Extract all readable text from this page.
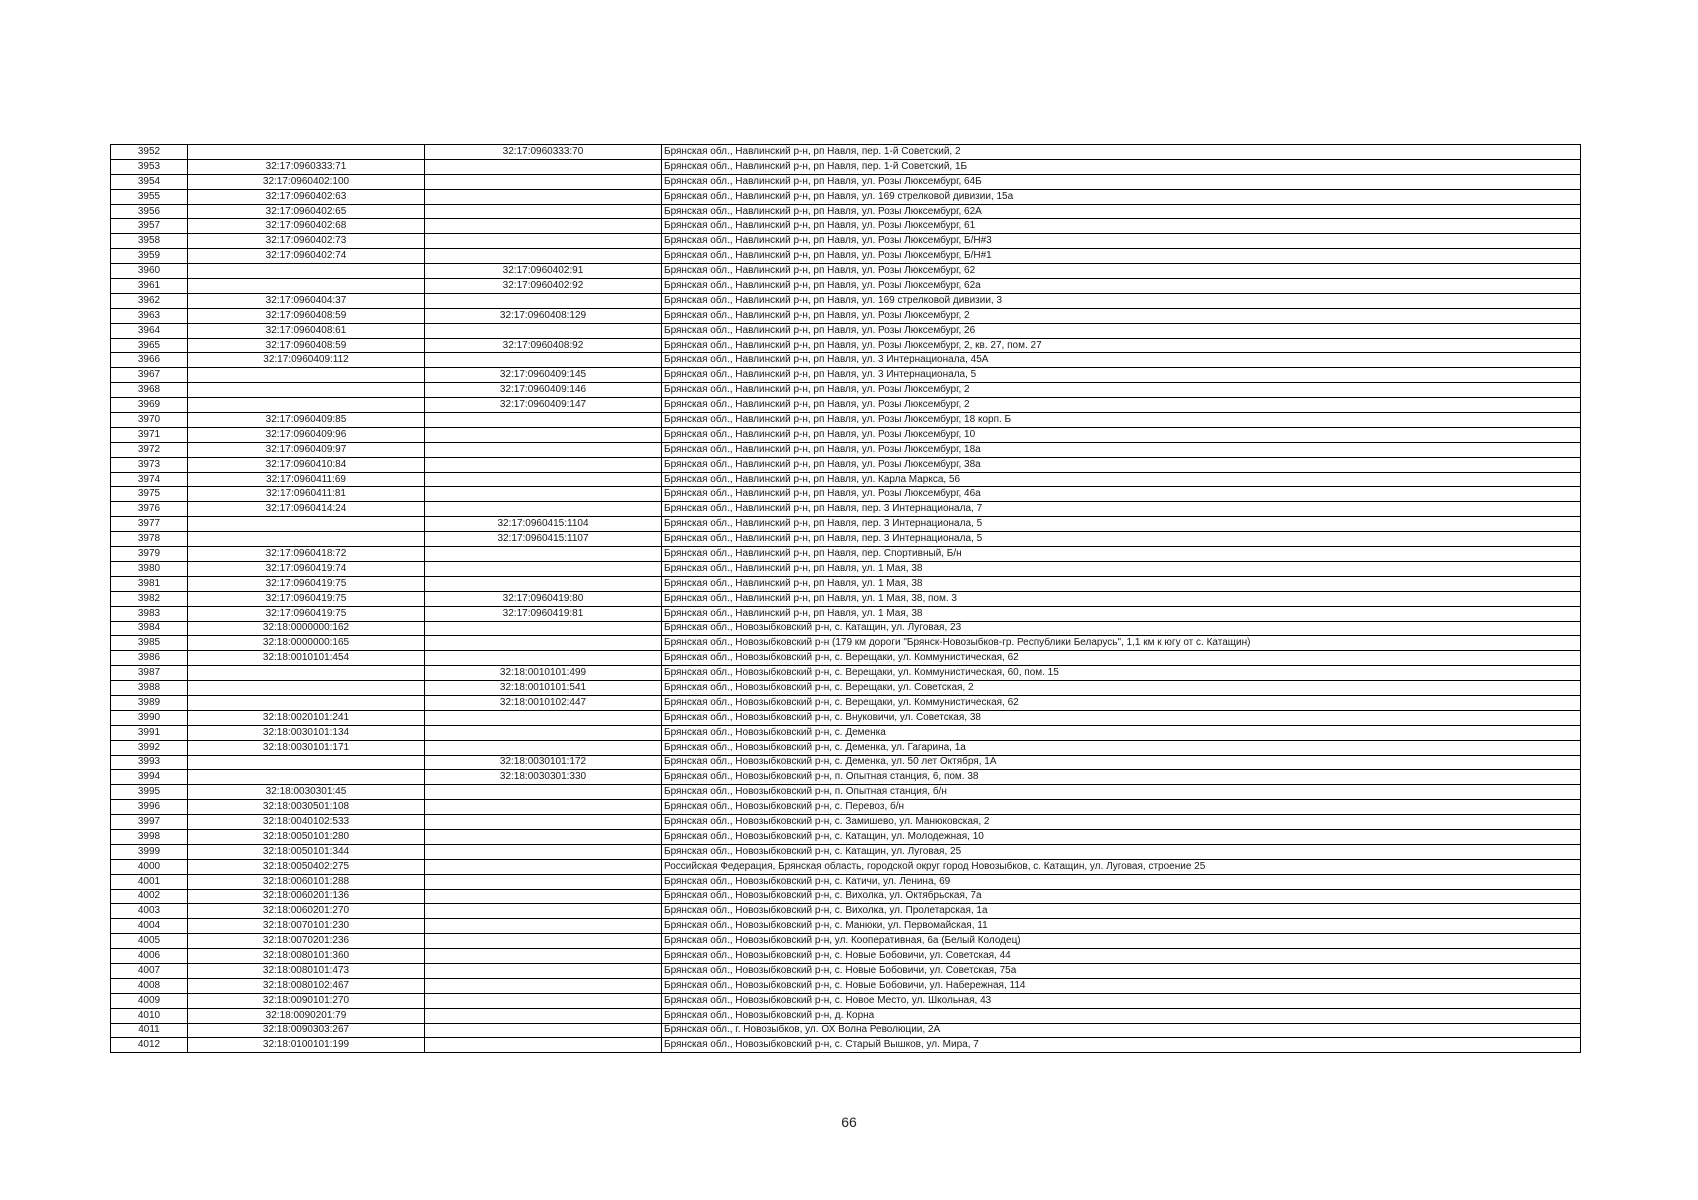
3952		32:17:0960333:70	Брянская обл., Навлинский р-н, рп Навля, пер. 1-й Советский, 2
3953	32:17:0960333:71		Брянская обл., Навлинский р-н, рп Навля, пер. 1-й Советский, 1Б
3954	32:17:0960402:100		Брянская обл., Навлинский р-н, рп Навля, ул. Розы Люксембург, 64Б
3955	32:17:0960402:63		Брянская обл., Навлинский р-н, рп Навля, ул. 169 стрелковой дивизии, 15а
3956	32:17:0960402:65		Брянская обл., Навлинский р-н, рп Навля, ул. Розы Люксембург, 62А
3957	32:17:0960402:68		Брянская обл., Навлинский р-н, рп Навля, ул. Розы Люксембург, 61
3958	32:17:0960402:73		Брянская обл., Навлинский р-н, рп Навля, ул. Розы Люксембург, Б/Н#3
3959	32:17:0960402:74		Брянская обл., Навлинский р-н, рп Навля, ул. Розы Люксембург, Б/Н#1
3960		32:17:0960402:91	Брянская обл., Навлинский р-н, рп Навля, ул. Розы Люксембург, 62
3961		32:17:0960402:92	Брянская обл., Навлинский р-н, рп Навля, ул. Розы Люксембург, 62а
3962	32:17:0960404:37		Брянская обл., Навлинский р-н, рп Навля, ул. 169 стрелковой дивизии, 3
3963	32:17:0960408:59	32:17:0960408:129	Брянская обл., Навлинский р-н, рп Навля, ул. Розы Люксембург, 2
3964	32:17:0960408:61		Брянская обл., Навлинский р-н, рп Навля, ул. Розы Люксембург, 26
3965	32:17:0960408:59	32:17:0960408:92	Брянская обл., Навлинский р-н, рп Навля, ул. Розы Люксембург, 2, кв. 27, пом. 27
3966	32:17:0960409:112		Брянская обл., Навлинский р-н, рп Навля, ул. 3 Интернационала, 45А
3967		32:17:0960409:145	Брянская обл., Навлинский р-н, рп Навля, ул. 3 Интернационала, 5
3968		32:17:0960409:146	Брянская обл., Навлинский р-н, рп Навля, ул. Розы Люксембург, 2
3969		32:17:0960409:147	Брянская обл., Навлинский р-н, рп Навля, ул. Розы Люксембург, 2
3970	32:17:0960409:85		Брянская обл., Навлинский р-н, рп Навля, ул. Розы Люксембург, 18 корп. Б
3971	32:17:0960409:96		Брянская обл., Навлинский р-н, рп Навля, ул. Розы Люксембург, 10
3972	32:17:0960409:97		Брянская обл., Навлинский р-н, рп Навля, ул. Розы Люксембург, 18а
3973	32:17:0960410:84		Брянская обл., Навлинский р-н, рп Навля, ул. Розы Люксембург, 38а
3974	32:17:0960411:69		Брянская обл., Навлинский р-н, рп Навля, ул. Карла Маркса, 56
3975	32:17:0960411:81		Брянская обл., Навлинский р-н, рп Навля, ул. Розы Люксембург, 46а
3976	32:17:0960414:24		Брянская обл., Навлинский р-н, рп Навля, пер. 3 Интернационала, 7
3977		32:17:0960415:1104	Брянская обл., Навлинский р-н, рп Навля, пер. 3 Интернационала, 5
3978		32:17:0960415:1107	Брянская обл., Навлинский р-н, рп Навля, пер. 3 Интернационала, 5
3979	32:17:0960418:72		Брянская обл., Навлинский р-н, рп Навля, пер. Спортивный, Б/н
3980	32:17:0960419:74		Брянская обл., Навлинский р-н, рп Навля, ул. 1 Мая, 38
3981	32:17:0960419:75		Брянская обл., Навлинский р-н, рп Навля, ул. 1 Мая, 38
3982	32:17:0960419:75	32:17:0960419:80	Брянская обл., Навлинский р-н, рп Навля, ул. 1 Мая, 38, пом. 3
3983	32:17:0960419:75	32:17:0960419:81	Брянская обл., Навлинский р-н, рп Навля, ул. 1 Мая, 38
3984	32:18:0000000:162		Брянская обл., Новозыбковский р-н, с. Катащин, ул. Луговая, 23
3985	32:18:0000000:165		Брянская обл., Новозыбковский р-н (179 км дороги "Брянск-Новозыбков-гр. Республики Беларусь", 1,1 км к югу от с. Катащин)
3986	32:18:0010101:454		Брянская обл., Новозыбковский р-н, с. Верещаки, ул. Коммунистическая, 62
3987		32:18:0010101:499	Брянская обл., Новозыбковский р-н, с. Верещаки, ул. Коммунистическая, 60, пом. 15
3988		32:18:0010101:541	Брянская обл., Новозыбковский р-н, с. Верещаки, ул. Советская, 2
3989		32:18:0010102:447	Брянская обл., Новозыбковский р-н, с. Верещаки, ул. Коммунистическая, 62
3990	32:18:0020101:241		Брянская обл., Новозыбковский р-н, с. Внуковичи, ул. Советская, 38
3991	32:18:0030101:134		Брянская обл., Новозыбковский р-н, с. Деменка
3992	32:18:0030101:171		Брянская обл., Новозыбковский р-н, с. Деменка, ул. Гагарина, 1а
3993		32:18:0030101:172	Брянская обл., Новозыбковский р-н, с. Деменка, ул. 50 лет Октября, 1А
3994		32:18:0030301:330	Брянская обл., Новозыбковский р-н, п. Опытная станция, 6, пом. 38
3995	32:18:0030301:45		Брянская обл., Новозыбковский р-н, п. Опытная станция, б/н
3996	32:18:0030501:108		Брянская обл., Новозыбковский р-н, с. Перевоз, б/н
3997	32:18:0040102:533		Брянская обл., Новозыбковский р-н, с. Замишево, ул. Манюковская, 2
3998	32:18:0050101:280		Брянская обл., Новозыбковский р-н, с. Катащин, ул. Молодежная, 10
3999	32:18:0050101:344		Брянская обл., Новозыбковский р-н, с. Катащин, ул. Луговая, 25
4000	32:18:0050402:275		Российская Федерация, Брянская область, городской округ город Новозыбков, с. Катащин, ул. Луговая, строение 25
4001	32:18:0060101:288		Брянская обл., Новозыбковский р-н, с. Катичи, ул. Ленина, 69
4002	32:18:0060201:136		Брянская обл., Новозыбковский р-н, с. Вихолка, ул. Октябрьская, 7а
4003	32:18:0060201:270		Брянская обл., Новозыбковский р-н, с. Вихолка, ул. Пролетарская, 1а
4004	32:18:0070101:230		Брянская обл., Новозыбковский р-н, с. Манюки, ул. Первомайская, 11
4005	32:18:0070201:236		Брянская обл., Новозыбковский р-н, ул. Кооперативная, 6а (Белый Колодец)
4006	32:18:0080101:360		Брянская обл., Новозыбковский р-н, с. Новые Бобовичи, ул. Советская, 44
4007	32:18:0080101:473		Брянская обл., Новозыбковский р-н, с. Новые Бобовичи, ул. Советская, 75а
4008	32:18:0080102:467		Брянская обл., Новозыбковский р-н, с. Новые Бобовичи, ул. Набережная, 114
4009	32:18:0090101:270		Брянская обл., Новозыбковский р-н, с. Новое Место, ул. Школьная, 43
4010	32:18:0090201:79		Брянская обл., Новозыбковский р-н, д. Корна
4011	32:18:0090303:267		Брянская обл., г. Новозыбков, ул. ОХ Волна Революции, 2А
4012	32:18:0100101:199		Брянская обл., Новозыбковский р-н, с. Старый Вышков, ул. Мира, 7
66
